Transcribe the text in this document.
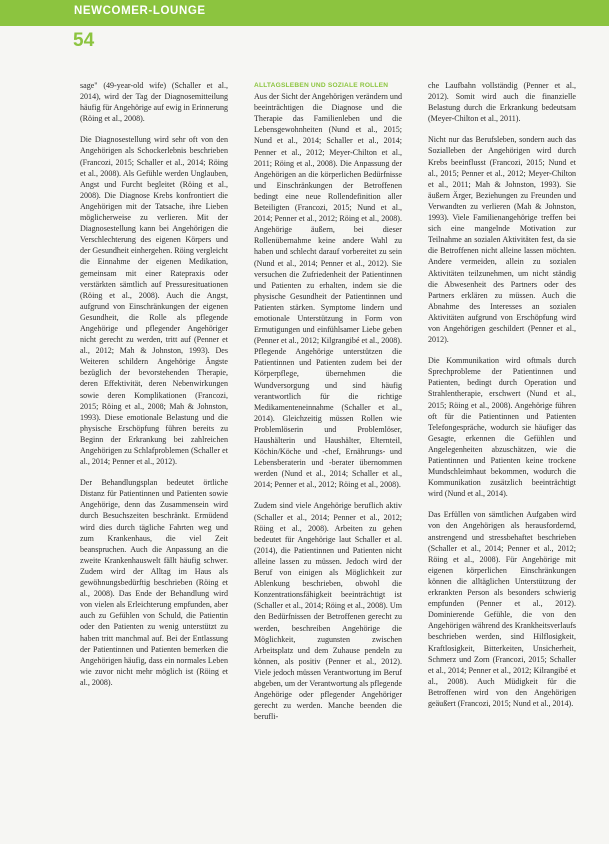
NEWCOMER-LOUNGE
54

sage" (49-year-old wife) (Schaller et al., 2014), wird der Tag der Diagnosemitteilung häufig für Angehörige auf ewig in Erinnerung (Röing et al., 2008).

Die Diagnosestellung wird sehr oft von den Angehörigen als Schockerlebnis beschrieben (Francozi, 2015; Schaller et al., 2014; Röing et al., 2008). Als Gefühle werden Unglauben, Angst und Furcht begleitet (Röing et al., 2008). Die Diagnose Krebs konfrontiert die Angehörigen mit der Tatsache, ihre Lieben möglicherweise zu verlieren. Mit der Diagnosestellung kann bei Angehörigen die Verschlechterung des eigenen Körpers und der Gesundheit einhergehen. Röing vergleicht die Einnahme der eigenen Medikation, gemeinsam mit einer Ratepraxis oder verstärkten sämtlich auf Pressuresituationen (Röing et al., 2008). Auch die Angst, aufgrund von Einschränkungen der eigenen Gesundheit, die Rolle als pflegende Angehörige und pflegender Angehöriger nicht gerecht zu werden, tritt auf (Penner et al., 2012; Mah & Johnston, 1993). Des Weiteren schildern Angehörige Ängste bezüglich der bevorstehenden Therapie, deren Effektivität, deren Nebenwirkungen sowie deren Komplikationen (Francozi, 2015; Röing et al., 2008; Mah & Johnston, 1993). Diese emotionale Belastung und die physische Erschöpfung führen bereits zu Beginn der Erkrankung bei zahlreichen Angehörigen zu Schlafproblemen (Schaller et al., 2014; Penner et al., 2012).

Der Behandlungsplan bedeutet örtliche Distanz für Patientinnen und Patienten sowie Angehörige, denn das Zusammensein wird durch Besuchszeiten beschränkt. Ermüdend wird dies durch tägliche Fahrten weg und zum Krankenhaus, die viel Zeit beanspruchen. Auch die Anpassung an die zweite Krankenhauswelt fällt häufig schwer. Zudem wird der Alltag im Haus als gewöhnungsbedürftig beschrieben (Röing et al., 2008). Das Ende der Behandlung wird von vielen als Erleichterung empfunden, aber auch zu Gefühlen von Schuld, die Patientin oder den Patienten zu wenig unterstützt zu haben tritt manchmal auf. Bei der Entlassung der Patientinnen und Patienten bemerken die Angehörigen häufig, dass ein normales Leben wie zuvor nicht mehr möglich ist (Röing et al., 2008).

ALLTAGSLEBEN UND SOZIALE ROLLEN

Aus der Sicht der Angehörigen verändern und beeinträchtigen die Diagnose und die Therapie das Familienleben und die Lebensgewohnheiten (Nund et al., 2015; Nund et al., 2014; Schaller et al., 2014; Penner et al., 2012; Meyer-Chilton et al., 2011; Röing et al., 2008). Die Anpassung der Angehörigen an die körperlichen Bedürfnisse und Einschränkungen der Betroffenen bedingt eine neue Rollendefinition aller Beteiligten (Francozi, 2015; Nund et al., 2014; Penner et al., 2012; Röing et al., 2008). Angehörige äußern, bei dieser Rollenübernahme keine andere Wahl zu haben und schlecht darauf vorbereitet zu sein (Nund et al., 2014; Penner et al., 2012). Sie versuchen die Zufriedenheit der Patientinnen und Patienten zu erhalten, indem sie die physische Gesundheit der Patientinnen und Patienten stärken. Symptome lindern und emotionale Unterstützung in Form von Ermutigungen und einfühlsamer Liebe geben (Penner et al., 2012; Kilgrangibé et al., 2008). Pflegende Angehörige unterstützen die Patientinnen und Patienten zudem bei der Körperpflege, übernehmen die Wundversorgung und sind häufig verantwortlich für die richtige Medikamenteneinnahme (Schaller et al., 2014). Gleichzeitig müssen Rollen wie Problemlöserin und Problemlöser, Haushälterin und Haushälter, Elternteil, Köchin/Köche und -chef, Ernährungs- und Lebensberaterin und -berater übernommen werden (Nund et al., 2014; Schaller et al., 2014; Penner et al., 2012; Röing et al., 2008).

Zudem sind viele Angehörige beruflich aktiv (Schaller et al., 2014; Penner et al., 2012; Röing et al., 2008). Arbeiten zu gehen bedeutet für Angehörige laut Schaller et al. (2014), die Patientinnen und Patienten nicht alleine lassen zu müssen. Jedoch wird der Beruf von einigen als Möglichkeit zur Ablenkung beschrieben, obwohl die Konzentrationsfähigkeit beeinträchtigt ist (Schaller et al., 2014; Röing et al., 2008). Um den Bedürfnissen der Betroffenen gerecht zu werden, beschreiben Angehörige die Möglichkeit, zugunsten zwischen Arbeitsplatz und dem Zuhause pendeln zu können, als positiv (Penner et al., 2012). Viele jedoch müssen Verantwortung im Beruf abgeben, um der Verantwortung als pflegende Angehörige oder pflegender Angehöriger gerecht zu werden. Manche beenden die berufli-

che Laufbahn vollständig (Penner et al., 2012). Somit wird auch die finanzielle Belastung durch die Erkrankung bedeutsam (Meyer-Chilton et al., 2011).

Nicht nur das Berufsleben, sondern auch das Sozialleben der Angehörigen wird durch Krebs beeinflusst (Francozi, 2015; Nund et al., 2015; Penner et al., 2012; Meyer-Chilton et al., 2011; Mah & Johnston, 1993). Sie äußern Ärger, Beziehungen zu Freunden und Verwandten zu verlieren (Mah & Johnston, 1993). Viele Familienangehörige treffen bei sich eine mangelnde Motivation zur Teilnahme an sozialen Aktivitäten fest, da sie die Betroffenen nicht alleine lassen möchten. Andere vermeiden, allein zu sozialen Aktivitäten teilzunehmen, um nicht ständig die Abwesenheit des Partners oder des Partners erklären zu müssen. Auch die Abnahme des Interesses an sozialen Aktivitäten aufgrund von Erschöpfung wird von Angehörigen geschildert (Penner et al., 2012).

Die Kommunikation wird oftmals durch Sprechprobleme der Patientinnen und Patienten, bedingt durch Operation und Strahlentherapie, erschwert (Nund et al., 2015; Röing et al., 2008). Angehörige führen oft für die Patientinnen und Patienten Telefongespräche, wodurch sie häufiger das Gesagte, erkennen die Gefühlen und Angelegenheiten abzuschätzen, wie die Patientinnen und Patienten keine trockene Mundschleimhaut bekommen, wodurch die Kommunikation zusätzlich beeinträchtigt wird (Nund et al., 2014).

Das Erfüllen von sämtlichen Aufgaben wird von den Angehörigen als herausfordernd, anstrengend und stressbehaftet beschrieben (Schaller et al., 2014; Penner et al., 2012; Röing et al., 2008). Für Angehörige mit eigenen körperlichen Einschränkungen können die alltäglichen Unterstützung der erkrankten Person als besonders schwierig empfunden (Penner et al., 2012). Dominierende Gefühle, die von den Angehörigen während des Krankheitsverlaufs beschrieben werden, sind Hilflosigkeit, Kraftlosigkeit, Bitterkeiten, Unsicherheit, Schmerz und Zorn (Francozi, 2015; Schaller et al., 2014; Penner et al., 2012; Kilrangibé et al., 2008). Auch Müdigkeit für die Betroffenen wird von den Angehörigen geäußert (Francozi, 2015; Nund et al., 2014).
